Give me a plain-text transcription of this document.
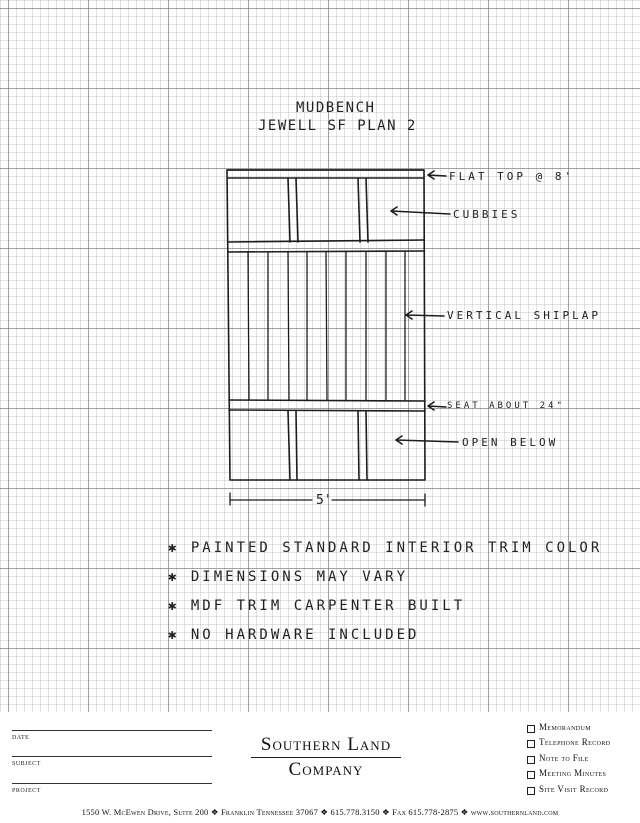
MUDBENCH
JEWELL SF PLAN 2
FLAT TOP @ 8'
CUBBIES
VERTICAL SHIPLAP
SEAT ABOUT 24"
OPEN BELOW
5'
✱ PAINTED STANDARD INTERIOR TRIM COLOR
✱ DIMENSIONS MAY VARY
✱ MDF TRIM CARPENTER BUILT
✱ NO HARDWARE INCLUDED
DATE
SUBJECT
PROJECT
Southern Land
Company
Memorandum
Telephone Record
Note to File
Meeting Minutes
Site Visit Record
1550 W. McEwen Drive, Suite 200 ❖ Franklin Tennessee 37067 ❖ 615.778.3150 ❖ Fax 615.778-2875 ❖ www.southernland.com
